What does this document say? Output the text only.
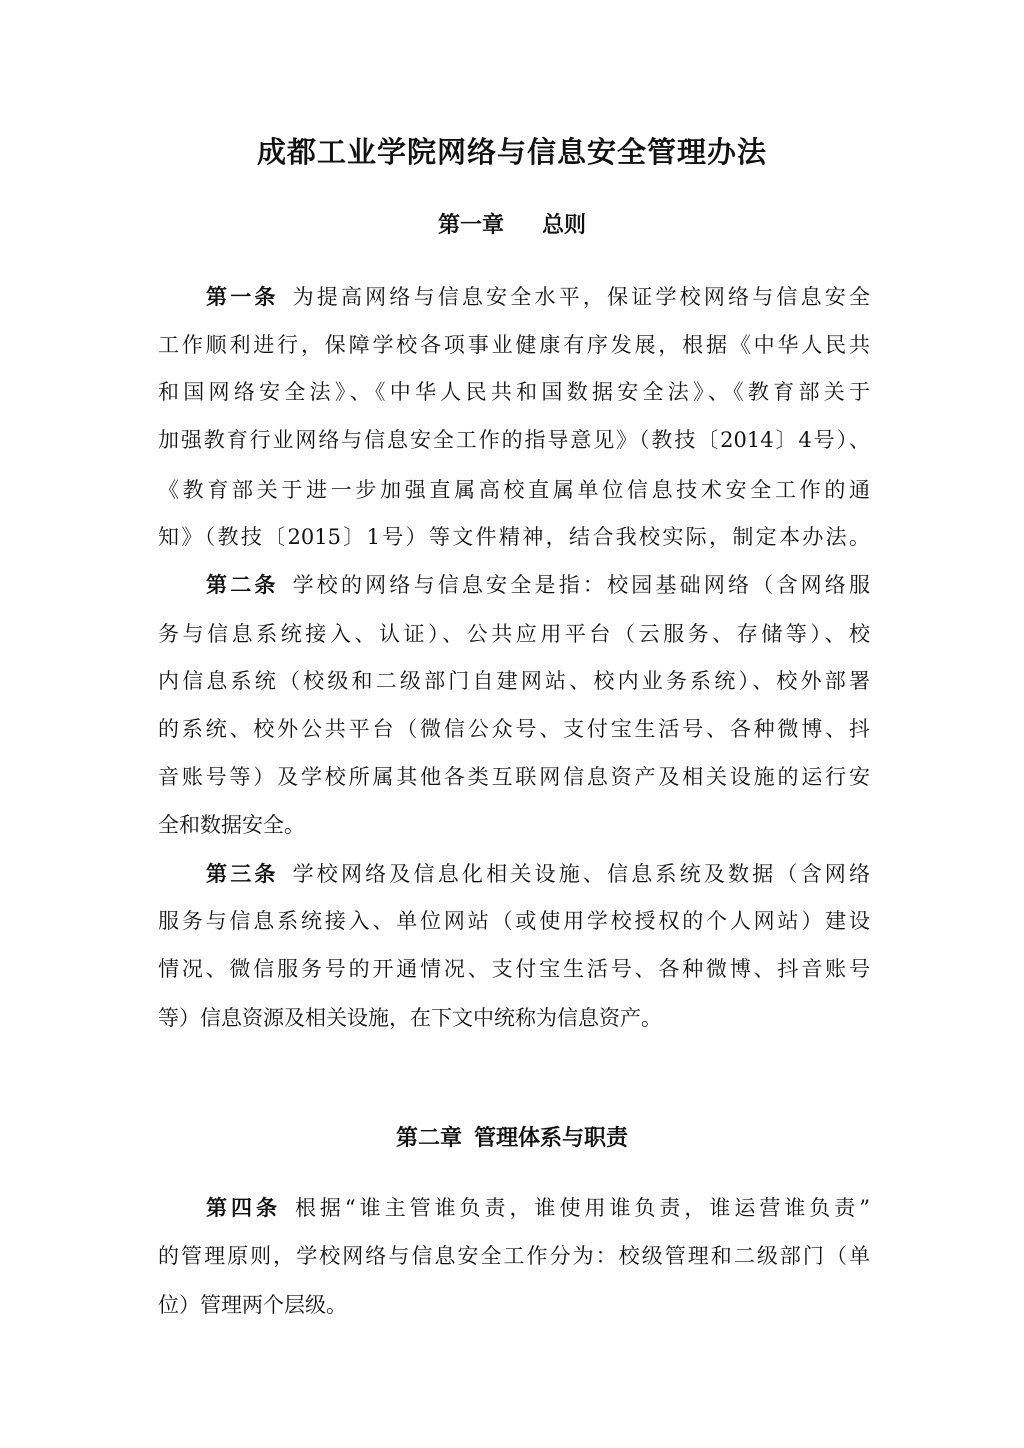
成都工业学院网络与信息安全管理办法
第一章 总则
第一条 为提高网络与信息安全水平，保证学校网络与信息安全
工作顺利进行，保障学校各项事业健康有序发展，根据《中华人民共
和国网络安全法》、《中华人民共和国数据安全法》、《教育部关于
加强教育行业网络与信息安全工作的指导意见》（教技〔2014〕4号）、
《教育部关于进一步加强直属高校直属单位信息技术安全工作的通
知》（教技〔2015〕1号）等文件精神，结合我校实际，制定本办法。
第二条 学校的网络与信息安全是指：校园基础网络（含网络服
务与信息系统接入、认证）、公共应用平台（云服务、存储等）、校
内信息系统（校级和二级部门自建网站、校内业务系统）、校外部署
的系统、校外公共平台（微信公众号、支付宝生活号、各种微博、抖
音账号等）及学校所属其他各类互联网信息资产及相关设施的运行安
全和数据安全。
第三条 学校网络及信息化相关设施、信息系统及数据（含网络
服务与信息系统接入、单位网站（或使用学校授权的个人网站）建设
情况、微信服务号的开通情况、支付宝生活号、各种微博、抖音账号
等）信息资源及相关设施，在下文中统称为信息资产。
第二章 管理体系与职责
第四条 根据“谁主管谁负责，谁使用谁负责，谁运营谁负责”
的管理原则，学校网络与信息安全工作分为：校级管理和二级部门（单
位）管理两个层级。
